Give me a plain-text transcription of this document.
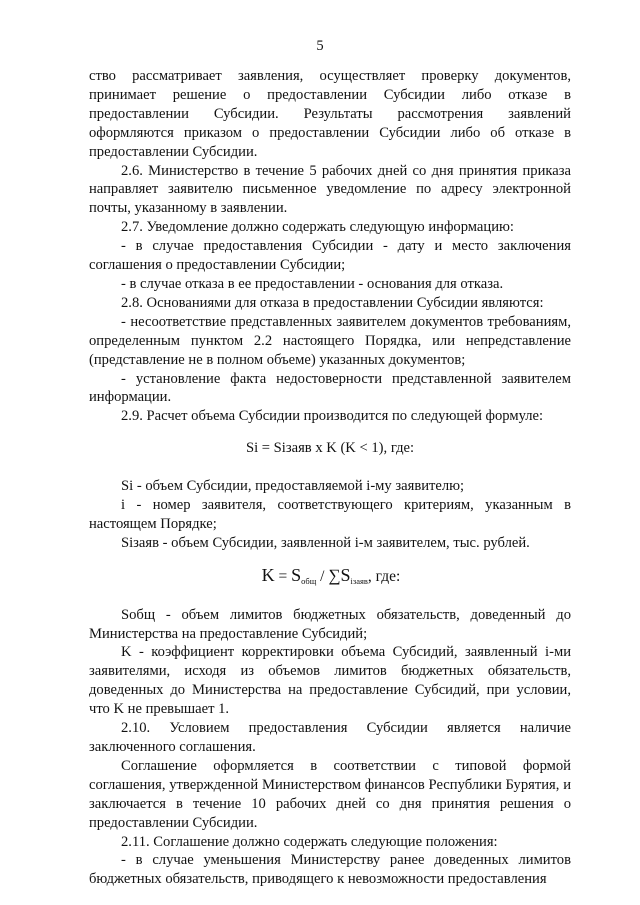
5

ство рассматривает заявления, осуществляет проверку документов, принимает решение о предоставлении Субсидии либо отказе в предоставлении Субсидии. Результаты рассмотрения заявлений оформляются приказом о предоставлении Субсидии либо об отказе в предоставлении Субсидии.

2.6. Министерство в течение 5 рабочих дней со дня принятия приказа направляет заявителю письменное уведомление по адресу электронной почты, указанному в заявлении.

2.7. Уведомление должно содержать следующую информацию:

- в случае предоставления Субсидии - дату и место заключения соглашения о предоставлении Субсидии;

- в случае отказа в ее предоставлении - основания для отказа.

2.8. Основаниями для отказа в предоставлении Субсидии являются:

- несоответствие представленных заявителем документов требованиям, определенным пунктом 2.2 настоящего Порядка, или непредставление (представление не в полном объеме) указанных документов;

- установление факта недостоверности представленной заявителем информации.

2.9. Расчет объема Субсидии производится по следующей формуле:

Si = Siзаяв x K (K < 1), где:

Si - объем Субсидии, предоставляемой i-му заявителю;

i - номер заявителя, соответствующего критериям, указанным в настоящем Порядке;

Siзаяв - объем Субсидии, заявленной i-м заявителем, тыс. рублей.

$K = S_{общ} / \sum S_{iзаяв}$, где:

Sобщ - объем лимитов бюджетных обязательств, доведенный до Министерства на предоставление Субсидий;

K - коэффициент корректировки объема Субсидий, заявленный i-ми заявителями, исходя из объемов лимитов бюджетных обязательств, доведенных до Министерства на предоставление Субсидий, при условии, что K не превышает 1.

2.10. Условием предоставления Субсидии является наличие заключенного соглашения.

Соглашение оформляется в соответствии с типовой формой соглашения, утвержденной Министерством финансов Республики Бурятия, и заключается в течение 10 рабочих дней со дня принятия решения о предоставлении Субсидии.

2.11. Соглашение должно содержать следующие положения:

- в случае уменьшения Министерству ранее доведенных лимитов бюджетных обязательств, приводящего к невозможности предоставления
